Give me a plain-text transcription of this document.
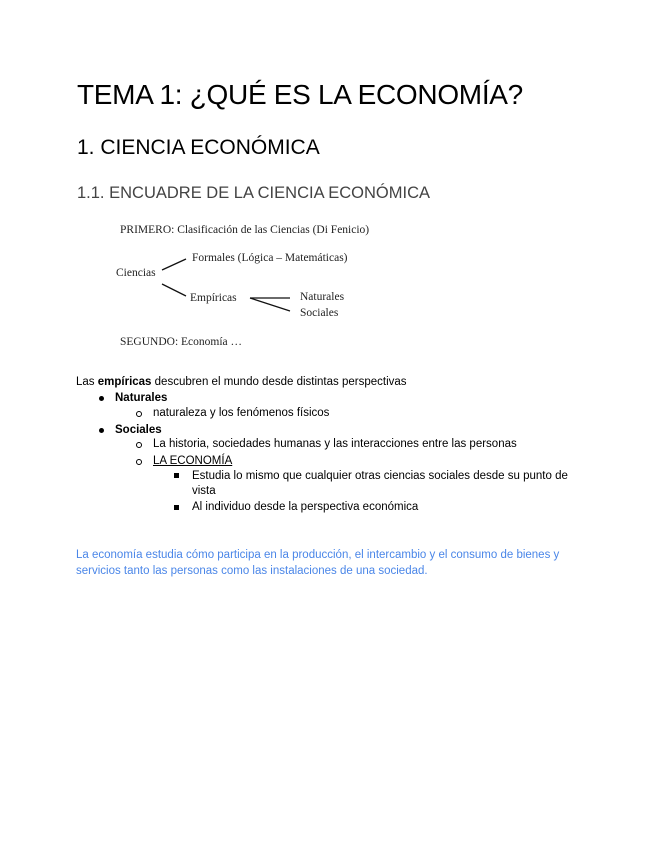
TEMA 1: ¿QUÉ ES LA ECONOMÍA?
1. CIENCIA ECONÓMICA
1.1. ENCUADRE DE LA CIENCIA ECONÓMICA
PRIMERO: Clasificación de las Ciencias (Di Fenicio)
Ciencias
Formales (Lógica – Matemáticas)
Empíricas	Naturales
Sociales
SEGUNDO: Economía …
Las empíricas descubren el mundo desde distintas perspectivas
Naturales
naturaleza y los fenómenos físicos
Sociales
La historia, sociedades humanas y las interacciones entre las personas
LA ECONOMÍA
Estudia lo mismo que cualquier otras ciencias sociales desde su punto de
vista
Al individuo desde la perspectiva económica
La economía estudia cómo participa en la producción, el intercambio y el consumo de bienes y
servicios tanto las personas como las instalaciones de una sociedad.
